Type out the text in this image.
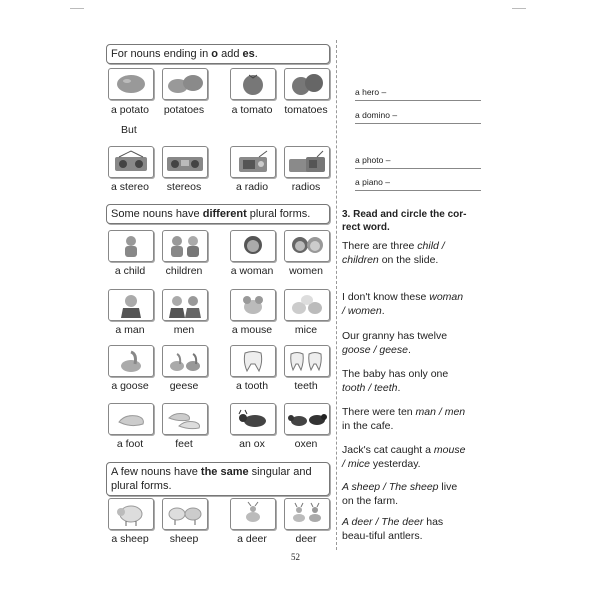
For nouns ending in o add es.
a potato	potatoes	a tomato	tomatoes
But
a stereo	stereos	a radio	radios
Some nouns have different plural forms.
a child	children	a woman	women
a man	men	a mouse	mice
a goose	geese	a tooth	teeth
a foot	feet	an ox	oxen
A few nouns have the same singular and plural forms.
a sheep	sheep	a deer	deer
a hero –
a domino –
a photo –
a piano –
3. Read and circle the cor-rect word.
There are three child / children on the slide.
I don't know these woman / women.
Our granny has twelve goose / geese.
The baby has only one tooth / teeth.
There were ten man / men in the cafe.
Jack's cat caught a mouse / mice yesterday.
A sheep / The sheep live on the farm.
A deer / The deer has beau-tiful antlers.
52
